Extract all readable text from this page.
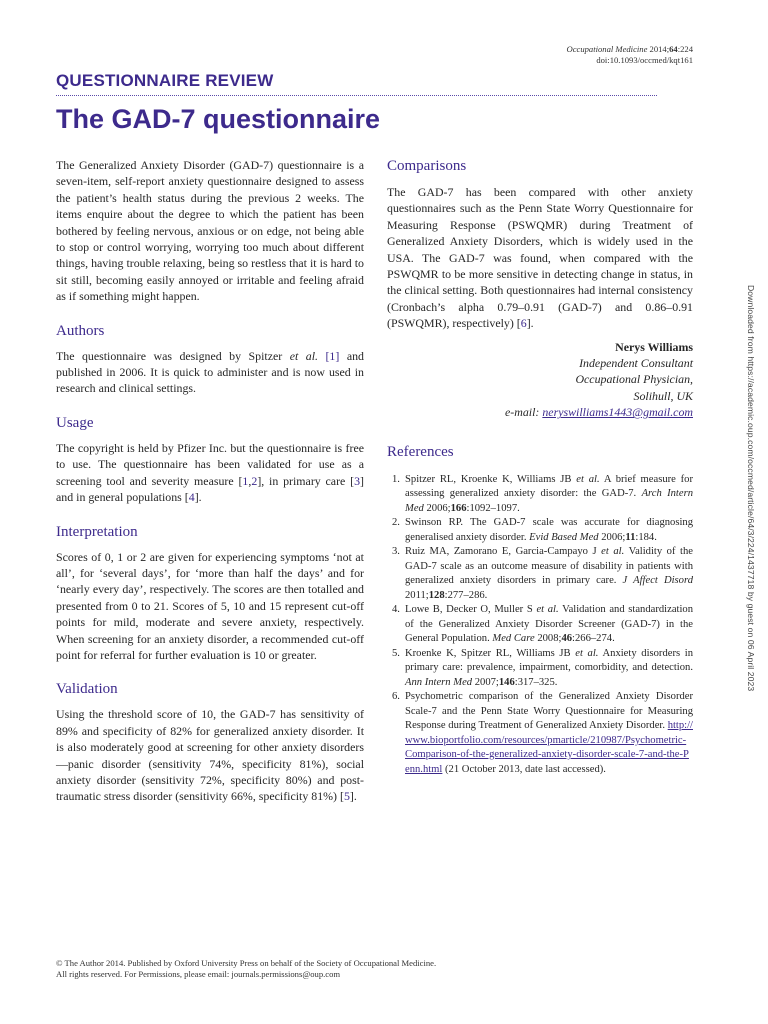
Occupational Medicine 2014;64:224
doi:10.1093/occmed/kqt161
QUESTIONNAIRE REVIEW
The GAD-7 questionnaire

The Generalized Anxiety Disorder (GAD-7) questionnaire is a seven-item, self-report anxiety questionnaire designed to assess the patient’s health status during the previous 2 weeks. The items enquire about the degree to which the patient has been bothered by feeling nervous, anxious or on edge, not being able to stop or control worrying, worrying too much about different things, having trouble relaxing, being so restless that it is hard to sit still, becoming easily annoyed or irritable and feeling afraid as if something might happen.

Authors

The questionnaire was designed by Spitzer et al. [1] and published in 2006. It is quick to administer and is now used in research and clinical settings.

Usage

The copyright is held by Pfizer Inc. but the questionnaire is free to use. The questionnaire has been validated for use as a screening tool and severity measure [1,2], in primary care [3] and in general populations [4].

Interpretation

Scores of 0, 1 or 2 are given for experiencing symptoms ‘not at all’, for ‘several days’, for ‘more than half the days’ and for ‘nearly every day’, respectively. The scores are then totalled and presented from 0 to 21. Scores of 5, 10 and 15 represent cut-off points for mild, moderate and severe anxiety, respectively. When screening for an anxiety disorder, a recommended cut-off point for referral for further evaluation is 10 or greater.

Validation

Using the threshold score of 10, the GAD-7 has sensitivity of 89% and specificity of 82% for generalized anxiety disorder. It is also moderately good at screening for other anxiety disorders—panic disorder (sensitivity 74%, specificity 81%), social anxiety disorder (sensitivity 72%, specificity 80%) and post-traumatic stress disorder (sensitivity 66%, specificity 81%) [5].

Comparisons

The GAD-7 has been compared with other anxiety questionnaires such as the Penn State Worry Questionnaire for Measuring Response (PSWQMR) during Treatment of Generalized Anxiety Disorders, which is widely used in the USA. The GAD-7 was found, when compared with the PSWQMR to be more sensitive in detecting change in status, in the clinical setting. Both questionnaires had internal consistency (Cronbach’s alpha 0.79–0.91 (GAD-7) and 0.86–0.91 (PSWQMR), respectively) [6].

Nerys Williams
Independent Consultant
Occupational Physician,
Solihull, UK
e-mail: neryswilliams1443@gmail.com
References
1. Spitzer RL, Kroenke K, Williams JB et al. A brief measure for assessing generalized anxiety disorder: the GAD-7. Arch Intern Med 2006;166:1092–1097.
2. Swinson RP. The GAD-7 scale was accurate for diagnosing generalised anxiety disorder. Evid Based Med 2006;11:184.
3. Ruiz MA, Zamorano E, Garcia-Campayo J et al. Validity of the GAD-7 scale as an outcome measure of disability in patients with generalized anxiety disorders in primary care. J Affect Disord 2011;128:277–286.
4. Lowe B, Decker O, Muller S et al. Validation and standardization of the Generalized Anxiety Disorder Screener (GAD-7) in the General Population. Med Care 2008;46:266–274.
5. Kroenke K, Spitzer RL, Williams JB et al. Anxiety disorders in primary care: prevalence, impairment, comorbidity, and detection. Ann Intern Med 2007;146:317–325.
6. Psychometric comparison of the Generalized Anxiety Disorder Scale-7 and the Penn State Worry Questionnaire for Measuring Response during Treatment of Generalized Anxiety Disorder. http://www.bioportfolio.com/resources/pmarticle/210987/Psychometric-Comparison-of-the-generalized-anxiety-disorder-scale-7-and-the-Penn.html (21 October 2013, date last accessed).
Downloaded from https://academic.oup.com/occmed/article/64/3/224/1437718 by guest on 06 April 2023
© The Author 2014. Published by Oxford University Press on behalf of the Society of Occupational Medicine.
All rights reserved. For Permissions, please email: journals.permissions@oup.com
